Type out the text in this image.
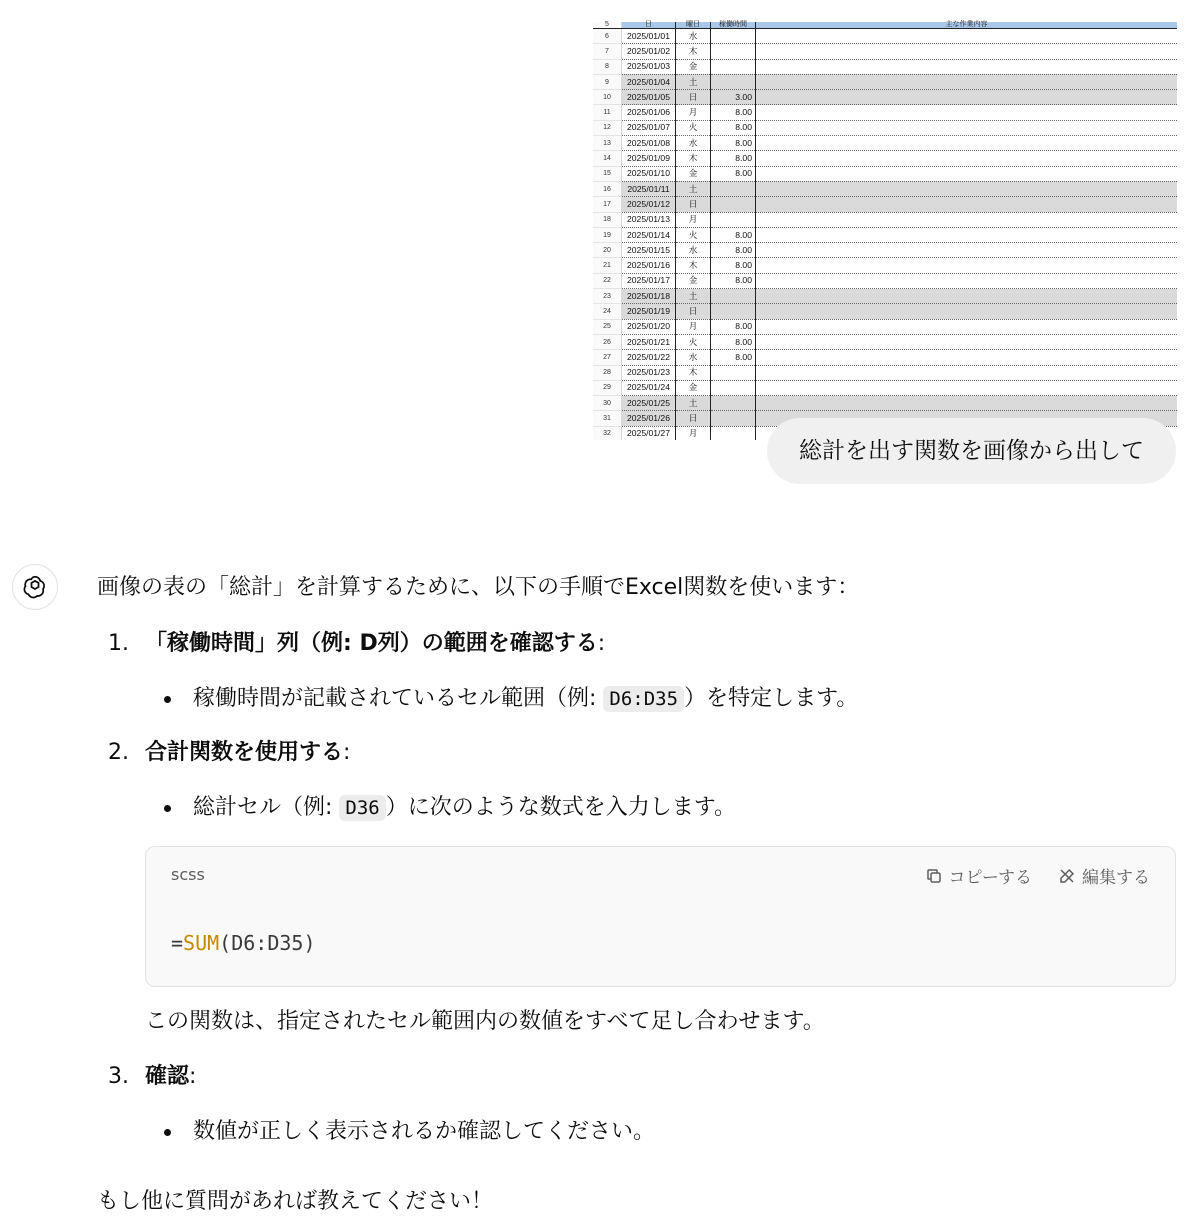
5	日	曜日	稼働時間	主な作業内容
6	2025/01/01	水		
7	2025/01/02	木		
8	2025/01/03	金		
9	2025/01/04	土		
10	2025/01/05	日	3.00	
11	2025/01/06	月	8.00	
12	2025/01/07	火	8.00	
13	2025/01/08	水	8.00	
14	2025/01/09	木	8.00	
15	2025/01/10	金	8.00	
16	2025/01/11	土		
17	2025/01/12	日		
18	2025/01/13	月		
19	2025/01/14	火	8.00	
20	2025/01/15	水	8.00	
21	2025/01/16	木	8.00	
22	2025/01/17	金	8.00	
23	2025/01/18	土		
24	2025/01/19	日		
25	2025/01/20	月	8.00	
26	2025/01/21	火	8.00	
27	2025/01/22	水	8.00	
28	2025/01/23	木		
29	2025/01/24	金		
30	2025/01/25	土		
31	2025/01/26	日		
32	2025/01/27	月		
総計を出す関数を画像から出して
画像の表の「総計」を計算するために、以下の手順でExcel関数を使います：
1. 「稼働時間」列（例: D列）の範囲を確認する:
稼働時間が記載されているセル範囲（例: D6:D35 ）を特定します。
2. 合計関数を使用する:
総計セル（例: D36 ）に次のような数式を入力します。
scss	コピーする	編集する
=SUM(D6:D35)
この関数は、指定されたセル範囲内の数値をすべて足し合わせます。
3. 確認:
数値が正しく表示されるか確認してください。
もし他に質問があれば教えてください！
